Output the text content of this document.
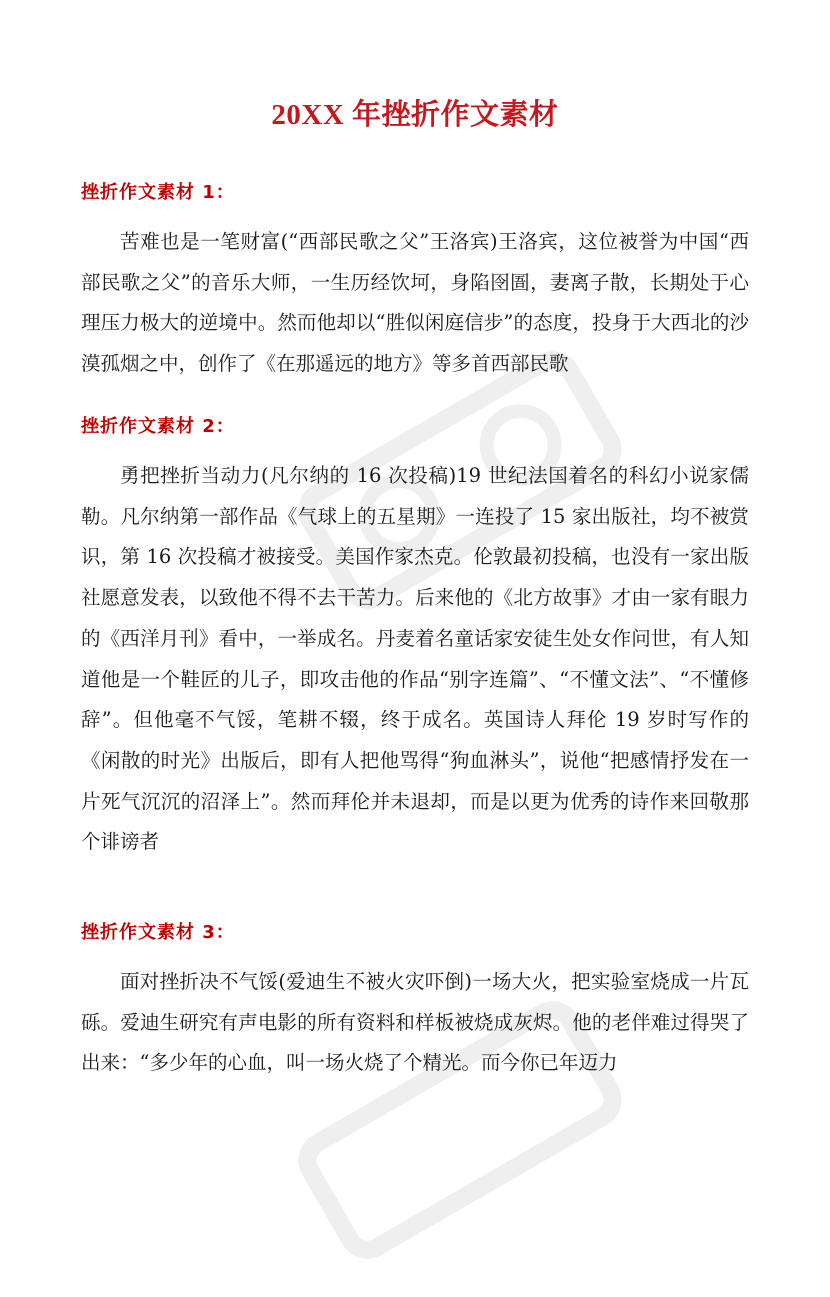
20XX 年挫折作文素材
挫折作文素材 1：

苦难也是一笔财富(“西部民歌之父”王洛宾)王洛宾，这位被誉为中国“西部民歌之父”的音乐大师，一生历经饮坷，身陷囹圄，妻离子散，长期处于心理压力极大的逆境中。然而他却以“胜似闲庭信步”的态度，投身于大西北的沙漠孤烟之中，创作了《在那遥远的地方》等多首西部民歌

挫折作文素材 2：

勇把挫折当动力(凡尔纳的 16 次投稿)19 世纪法国着名的科幻小说家儒勒。凡尔纳第一部作品《气球上的五星期》一连投了 15 家出版社，均不被赏识，第 16 次投稿才被接受。美国作家杰克。伦敦最初投稿，也没有一家出版社愿意发表，以致他不得不去干苦力。后来他的《北方故事》才由一家有眼力的《西洋月刊》看中，一举成名。丹麦着名童话家安徒生处女作问世，有人知道他是一个鞋匠的儿子，即攻击他的作品“别字连篇”、“不懂文法”、“不懂修辞”。但他毫不气馁，笔耕不辍，终于成名。英国诗人拜伦 19 岁时写作的《闲散的时光》出版后，即有人把他骂得“狗血淋头”，说他“把感情抒发在一片死气沉沉的沼泽上”。然而拜伦并未退却，而是以更为优秀的诗作来回敬那个诽谤者

挫折作文素材 3：

面对挫折决不气馁(爱迪生不被火灾吓倒)一场大火，把实验室烧成一片瓦砾。爱迪生研究有声电影的所有资料和样板被烧成灰烬。他的老伴难过得哭了出来：“多少年的心血，叫一场火烧了个精光。而今你已年迈力
